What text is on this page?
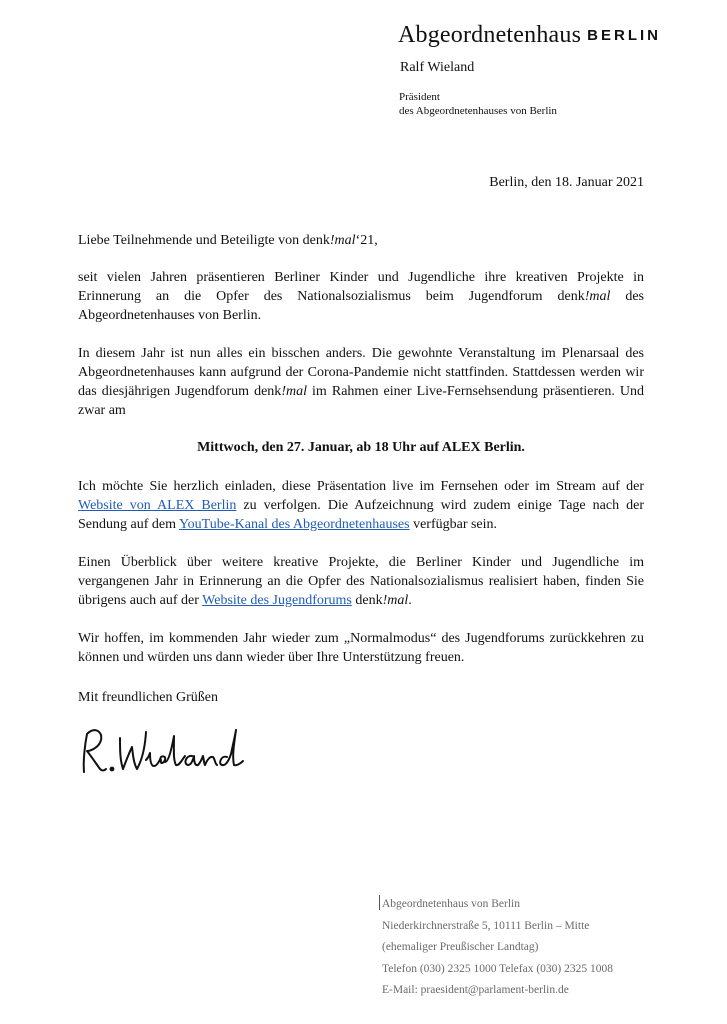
Abgeordnetenhaus BERLIN
Ralf Wieland
Präsident
des Abgeordnetenhauses von Berlin
Berlin, den 18. Januar 2021
Liebe Teilnehmende und Beteiligte von denk!mal‘21,
seit vielen Jahren präsentieren Berliner Kinder und Jugendliche ihre kreativen Projekte in Erinnerung an die Opfer des Nationalsozialismus beim Jugendforum denk!mal des Abgeordnetenhauses von Berlin.
In diesem Jahr ist nun alles ein bisschen anders. Die gewohnte Veranstaltung im Plenarsaal des Abgeordnetenhauses kann aufgrund der Corona-Pandemie nicht stattfinden. Stattdessen werden wir das diesjährigen Jugendforum denk!mal im Rahmen einer Live-Fernsehsendung präsentieren. Und zwar am
Mittwoch, den 27. Januar, ab 18 Uhr auf ALEX Berlin.
Ich möchte Sie herzlich einladen, diese Präsentation live im Fernsehen oder im Stream auf der Website von ALEX Berlin zu verfolgen. Die Aufzeichnung wird zudem einige Tage nach der Sendung auf dem YouTube-Kanal des Abgeordnetenhauses verfügbar sein.
Einen Überblick über weitere kreative Projekte, die Berliner Kinder und Jugendliche im vergangenen Jahr in Erinnerung an die Opfer des Nationalsozialismus realisiert haben, finden Sie übrigens auch auf der Website des Jugendforums denk!mal.
Wir hoffen, im kommenden Jahr wieder zum „Normalmodus“ des Jugendforums zurückkehren zu können und würden uns dann wieder über Ihre Unterstützung freuen.
Mit freundlichen Grüßen
Abgeordnetenhaus von Berlin
Niederkirchnerstraße 5, 10111 Berlin – Mitte
(ehemaliger Preußischer Landtag)
Telefon (030) 2325 1000 Telefax (030) 2325 1008
E-Mail: praesident@parlament-berlin.de
